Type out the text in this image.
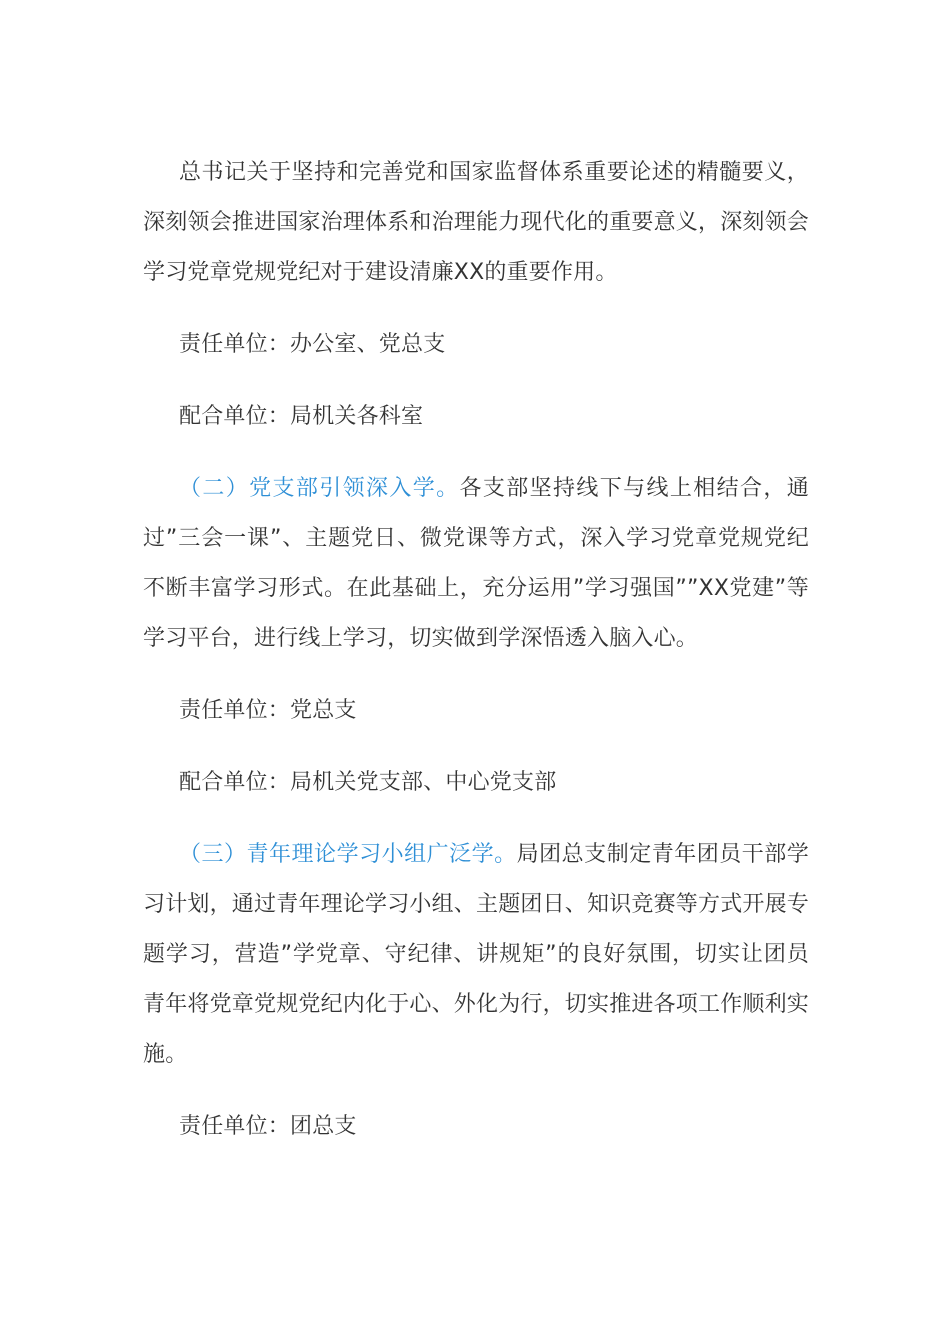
总书记关于坚持和完善党和国家监督体系重要论述的精髓要义，深刻领会推进国家治理体系和治理能力现代化的重要意义，深刻领会学习党章党规党纪对于建设清廉XX的重要作用。

责任单位：办公室、党总支

配合单位：局机关各科室

（二）党支部引领深入学。各支部坚持线下与线上相结合，通过”三会一课”、主题党日、微党课等方式，深入学习党章党规党纪不断丰富学习形式。在此基础上，充分运用”学习强国””XX党建”等学习平台，进行线上学习，切实做到学深悟透入脑入心。

责任单位：党总支

配合单位：局机关党支部、中心党支部

（三）青年理论学习小组广泛学。局团总支制定青年团员干部学习计划，通过青年理论学习小组、主题团日、知识竞赛等方式开展专题学习，营造”学党章、守纪律、讲规矩”的良好氛围，切实让团员青年将党章党规党纪内化于心、外化为行，切实推进各项工作顺利实施。

责任单位：团总支
